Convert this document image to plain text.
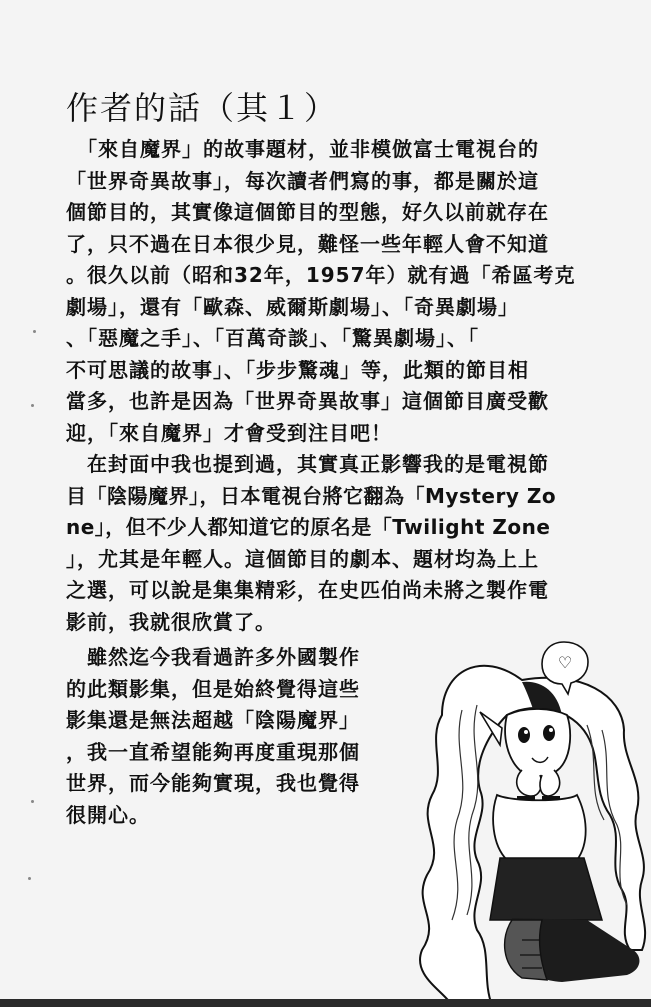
作者的話（其１）
　「來自魔界」的故事題材，並非模倣富士電視台的
「世界奇異故事」，每次讀者們寫的事，都是關於這
個節目的，其實像這個節目的型態，好久以前就存在
了，只不過在日本很少見，難怪一些年輕人會不知道
。很久以前（昭和32年，1957年）就有過「希區考克
劇場」，還有「歐森、威爾斯劇場」、「奇異劇場」
、「惡魔之手」、「百萬奇談」、「驚異劇場」、「
不可思議的故事」、「步步驚魂」等，此類的節目相
當多，也許是因為「世界奇異故事」這個節目廣受歡
迎，「來自魔界」才會受到注目吧！
　在封面中我也提到過，其實真正影響我的是電視節
目「陰陽魔界」，日本電視台將它翻為「Mystery Zo
ne」，但不少人都知道它的原名是「Twilight Zone
」，尤其是年輕人。這個節目的劇本、題材均為上上
之選，可以說是集集精彩，在史匹伯尚未將之製作電
影前，我就很欣賞了。
　雖然迄今我看過許多外國製作
的此類影集，但是始終覺得這些
影集還是無法超越「陰陽魔界」
，我一直希望能夠再度重現那個
世界，而今能夠實現，我也覺得
很開心。
♡
